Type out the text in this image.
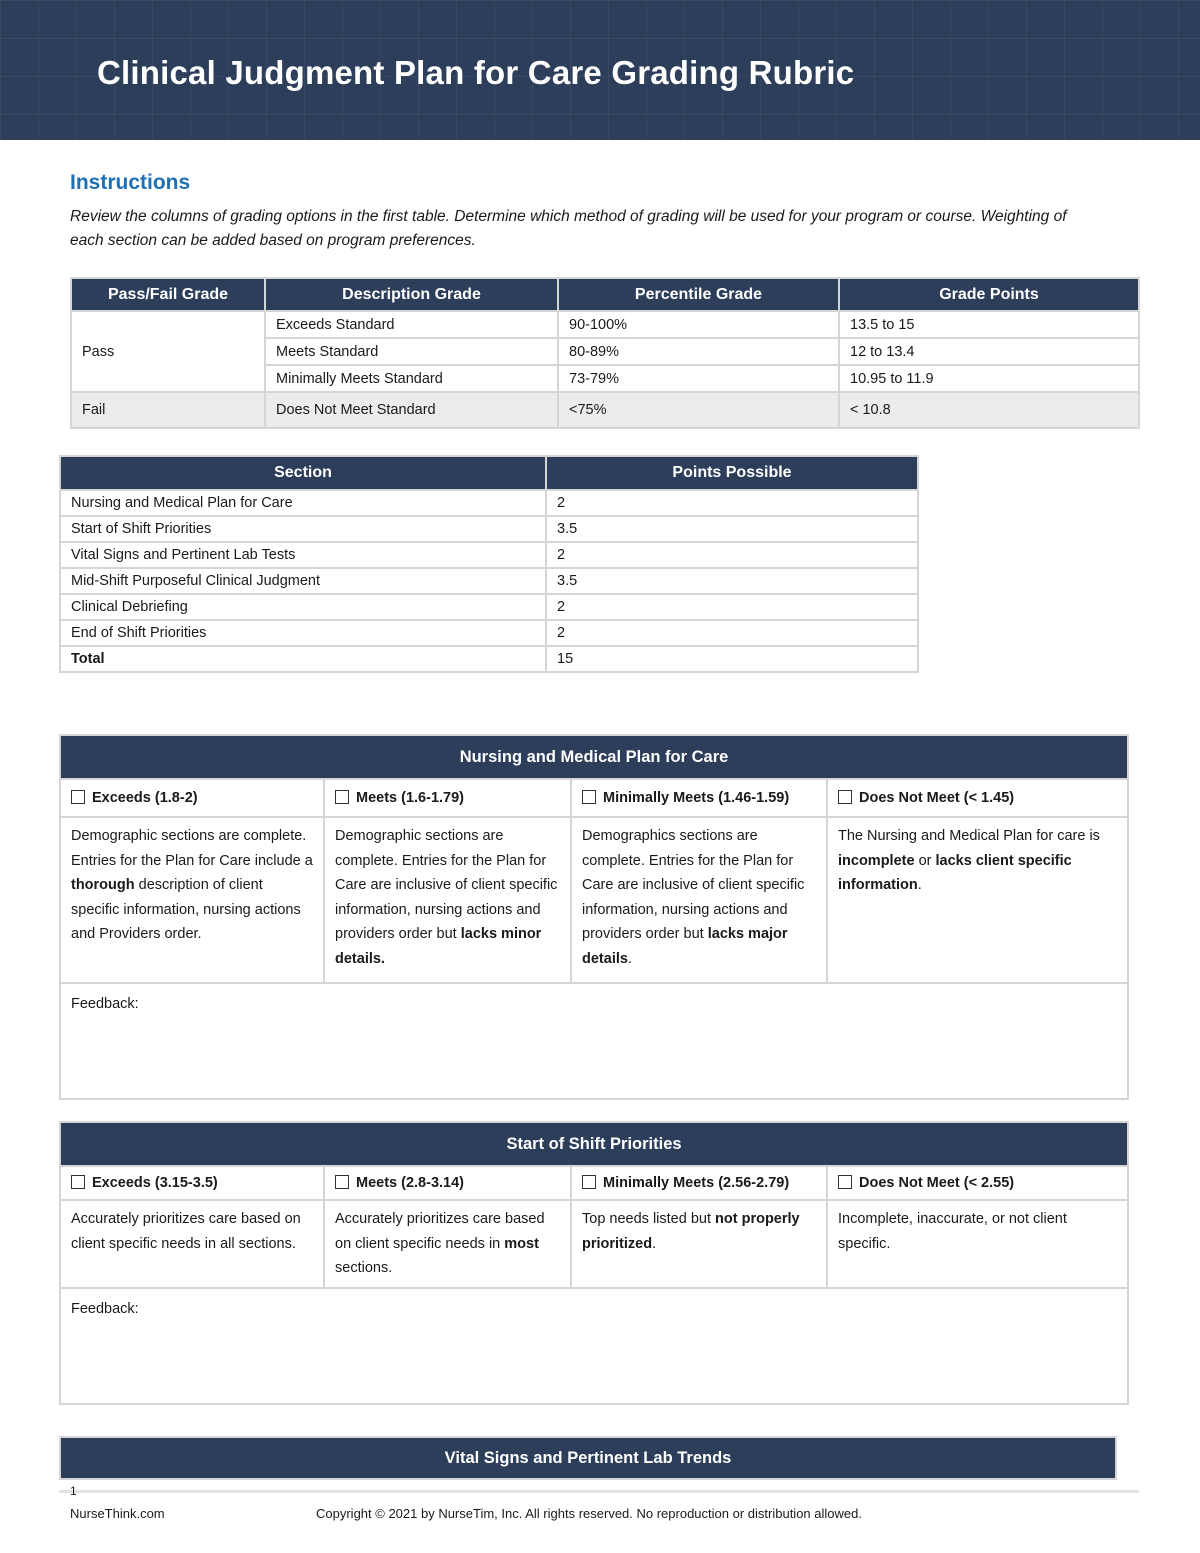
Clinical Judgment Plan for Care Grading Rubric
Instructions

Review the columns of grading options in the first table. Determine which method of grading will be used for your program or course. Weighting of each section can be added based on program preferences.

Pass/Fail Grade	Description Grade	Percentile Grade	Grade Points
Pass	Exceeds Standard	90-100%	13.5 to 15
	Meets Standard	80-89%	12 to 13.4
	Minimally Meets Standard	73-79%	10.95 to 11.9
Fail	Does Not Meet Standard	<75%	< 10.8
Section	Points Possible
Nursing and Medical Plan for Care	2
Start of Shift Priorities	3.5
Vital Signs and Pertinent Lab Tests	2
Mid-Shift Purposeful Clinical Judgment	3.5
Clinical Debriefing	2
End of Shift Priorities	2
Total	15
Nursing and Medical Plan for Care			
Exceeds (1.8-2)	Meets (1.6-1.79)	Minimally Meets (1.46-1.59)	Does Not Meet (< 1.45)
Demographic sections are complete. Entries for the Plan for Care include a thorough description of client specific information, nursing actions and Providers order.	Demographic sections are complete. Entries for the Plan for Care are inclusive of client specific information, nursing actions and providers order but lacks minor details.	Demographics sections are complete. Entries for the Plan for Care are inclusive of client specific information, nursing actions and providers order but lacks major details.	The Nursing and Medical Plan for care is incomplete or lacks client specific information.
Feedback:			
Start of Shift Priorities			
Exceeds (3.15-3.5)	Meets (2.8-3.14)	Minimally Meets (2.56-2.79)	Does Not Meet (< 2.55)
Accurately prioritizes care based on client specific needs in all sections.	Accurately prioritizes care based on client specific needs in most sections.	Top needs listed but not properly prioritized.	Incomplete, inaccurate, or not client specific.
Feedback:			
Vital Signs and Pertinent Lab Trends

1

NurseThink.com	Copyright © 2021 by NurseTim, Inc. All rights reserved. No reproduction or distribution allowed.
